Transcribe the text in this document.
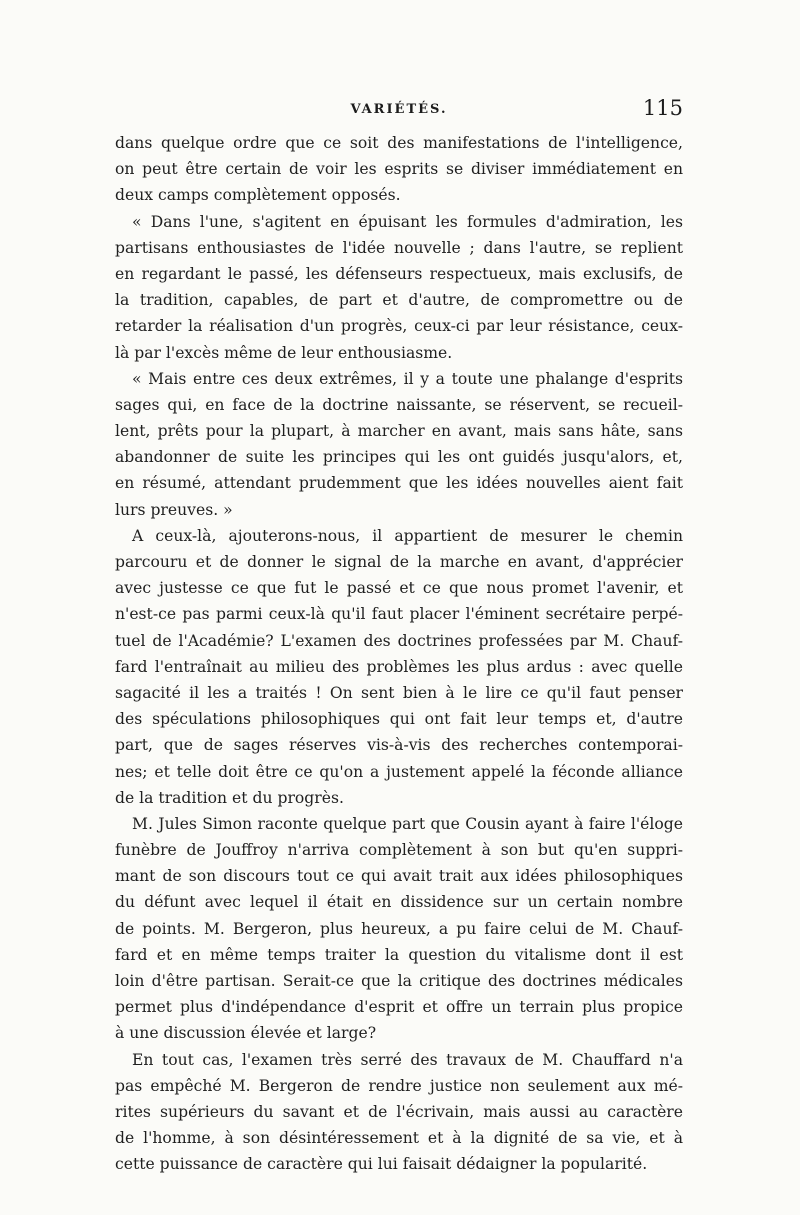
VARIÉTÉS.	115
dans quelque ordre que ce soit des manifestations de l'intelligence,
on peut être certain de voir les esprits se diviser immédiatement en
deux camps complètement opposés.
« Dans l'une, s'agitent en épuisant les formules d'admiration, les
partisans enthousiastes de l'idée nouvelle ; dans l'autre, se replient
en regardant le passé, les défenseurs respectueux, mais exclusifs, de
la tradition, capables, de part et d'autre, de compromettre ou de
retarder la réalisation d'un progrès, ceux-ci par leur résistance, ceux-
là par l'excès même de leur enthousiasme.
« Mais entre ces deux extrêmes, il y a toute une phalange d'esprits
sages qui, en face de la doctrine naissante, se réservent, se recueil-
lent, prêts pour la plupart, à marcher en avant, mais sans hâte, sans
abandonner de suite les principes qui les ont guidés jusqu'alors, et,
en résumé, attendant prudemment que les idées nouvelles aient fait
lurs preuves. »
A ceux-là, ajouterons-nous, il appartient de mesurer le chemin
parcouru et de donner le signal de la marche en avant, d'apprécier
avec justesse ce que fut le passé et ce que nous promet l'avenir, et
n'est-ce pas parmi ceux-là qu'il faut placer l'éminent secrétaire perpé-
tuel de l'Académie? L'examen des doctrines professées par M. Chauf-
fard l'entraînait au milieu des problèmes les plus ardus : avec quelle
sagacité il les a traités ! On sent bien à le lire ce qu'il faut penser
des spéculations philosophiques qui ont fait leur temps et, d'autre
part, que de sages réserves vis-à-vis des recherches contemporai-
nes; et telle doit être ce qu'on a justement appelé la féconde alliance
de la tradition et du progrès.
M. Jules Simon raconte quelque part que Cousin ayant à faire l'éloge
funèbre de Jouffroy n'arriva complètement à son but qu'en suppri-
mant de son discours tout ce qui avait trait aux idées philosophiques
du défunt avec lequel il était en dissidence sur un certain nombre
de points. M. Bergeron, plus heureux, a pu faire celui de M. Chauf-
fard et en même temps traiter la question du vitalisme dont il est
loin d'être partisan. Serait-ce que la critique des doctrines médicales
permet plus d'indépendance d'esprit et offre un terrain plus propice
à une discussion élevée et large?
En tout cas, l'examen très serré des travaux de M. Chauffard n'a
pas empêché M. Bergeron de rendre justice non seulement aux mé-
rites supérieurs du savant et de l'écrivain, mais aussi au caractère
de l'homme, à son désintéressement et à la dignité de sa vie, et à
cette puissance de caractère qui lui faisait dédaigner la popularité.
